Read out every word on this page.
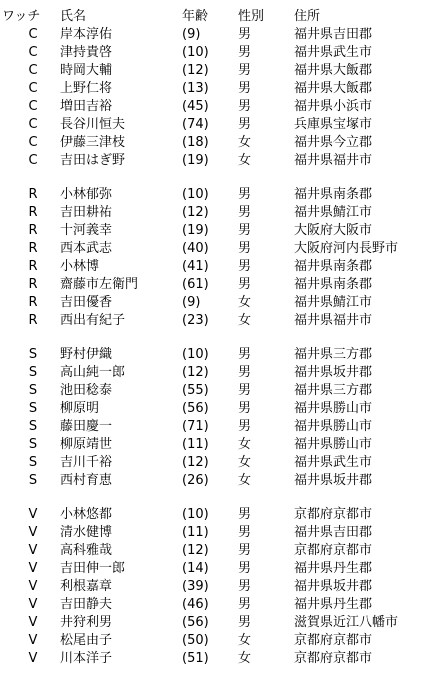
ワッチ	氏名	年齢	性別	住所
C	岸本淳佑	(9)	男	福井県吉田郡
C	津持貴啓	(10)	男	福井県武生市
C	時岡大輔	(12)	男	福井県大飯郡
C	上野仁将	(13)	男	福井県大飯郡
C	増田吉裕	(45)	男	福井県小浜市
C	長谷川恒夫	(74)	男	兵庫県宝塚市
C	伊藤三津枝	(18)	女	福井県今立郡
C	吉田はぎ野	(19)	女	福井県福井市
R	小林郁弥	(10)	男	福井県南条郡
R	吉田耕祐	(12)	男	福井県鯖江市
R	十河義幸	(19)	男	大阪府大阪市
R	西本武志	(40)	男	大阪府河内長野市
R	小林博	(41)	男	福井県南条郡
R	齋藤市左衛門	(61)	男	福井県南条郡
R	吉田優香	(9)	女	福井県鯖江市
R	西出有紀子	(23)	女	福井県福井市
S	野村伊織	(10)	男	福井県三方郡
S	高山純一郎	(12)	男	福井県坂井郡
S	池田稔泰	(55)	男	福井県三方郡
S	柳原明	(56)	男	福井県勝山市
S	藤田慶一	(71)	男	福井県勝山市
S	柳原靖世	(11)	女	福井県勝山市
S	吉川千裕	(12)	女	福井県武生市
S	西村育恵	(26)	女	福井県坂井郡
V	小林悠都	(10)	男	京都府京都市
V	清水健博	(11)	男	福井県吉田郡
V	高科雅哉	(12)	男	京都府京都市
V	吉田伸一郎	(14)	男	福井県丹生郡
V	利根嘉章	(39)	男	福井県坂井郡
V	吉田静夫	(46)	男	福井県丹生郡
V	井狩利男	(56)	男	滋賀県近江八幡市
V	松尾由子	(50)	女	京都府京都市
V	川本洋子	(51)	女	京都府京都市
